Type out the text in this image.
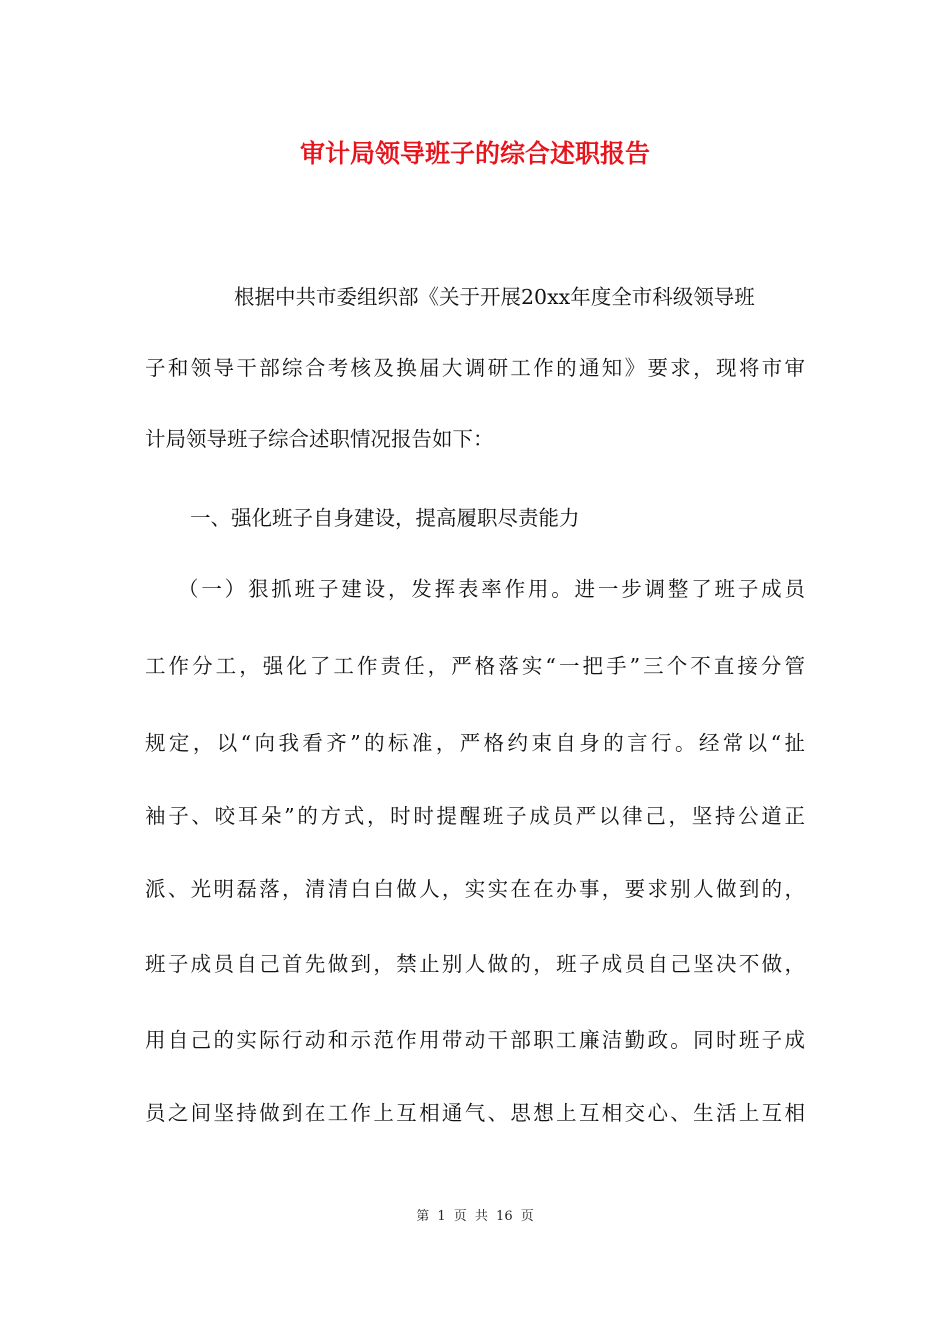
审计局领导班子的综合述职报告
根据中共市委组织部《关于开展20xx年度全市科级领导班
子和领导干部综合考核及换届大调研工作的通知》要求，现将市审
计局领导班子综合述职情况报告如下：
一、强化班子自身建设，提高履职尽责能力
（一）狠抓班子建设，发挥表率作用。进一步调整了班子成员
工作分工，强化了工作责任，严格落实“一把手”三个不直接分管
规定，以“向我看齐”的标准，严格约束自身的言行。经常以“扯
袖子、咬耳朵”的方式，时时提醒班子成员严以律己，坚持公道正
派、光明磊落，清清白白做人，实实在在办事，要求别人做到的，
班子成员自己首先做到，禁止别人做的，班子成员自己坚决不做，
用自己的实际行动和示范作用带动干部职工廉洁勤政。同时班子成
员之间坚持做到在工作上互相通气、思想上互相交心、生活上互相
第 1 页 共 16 页
